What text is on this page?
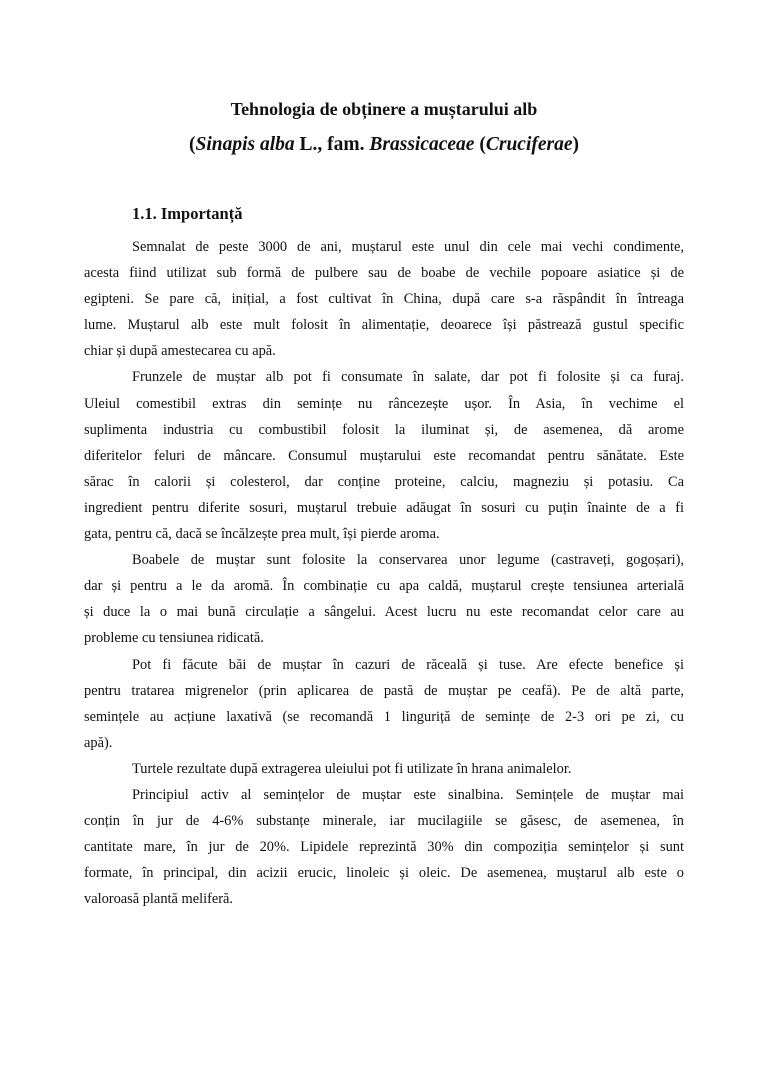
Tehnologia de obținere a muștarului alb
(Sinapis alba L., fam. Brassicaceae (Cruciferae)
1.1. Importanță
Semnalat de peste 3000 de ani, muștarul este unul din cele mai vechi condimente,
acesta fiind utilizat sub formă de pulbere sau de boabe de vechile popoare asiatice și de
egipteni. Se pare că, inițial, a fost cultivat în China, după care s-a răspândit în întreaga
lume. Muștarul alb este mult folosit în alimentație, deoarece își păstrează gustul specific
chiar și după amestecarea cu apă.
Frunzele de muștar alb pot fi consumate în salate, dar pot fi folosite și ca furaj.
Uleiul comestibil extras din semințe nu râncezește ușor. În Asia, în vechime el
suplimenta industria cu combustibil folosit la iluminat și, de asemenea, dă arome
diferitelor feluri de mâncare. Consumul muștarului este recomandat pentru sănătate. Este
sărac în calorii și colesterol, dar conține proteine, calciu, magneziu și potasiu. Ca
ingredient pentru diferite sosuri, muștarul trebuie adăugat în sosuri cu puțin înainte de a fi
gata, pentru că, dacă se încălzește prea mult, își pierde aroma.
Boabele de muștar sunt folosite la conservarea unor legume (castraveți, gogoșari),
dar și pentru a le da aromă. În combinație cu apa caldă, muștarul crește tensiunea arterială
și duce la o mai bună circulație a sângelui. Acest lucru nu este recomandat celor care au
probleme cu tensiunea ridicată.
Pot fi făcute băi de muștar în cazuri de răceală și tuse. Are efecte benefice și
pentru tratarea migrenelor (prin aplicarea de pastă de muștar pe ceafă). Pe de altă parte,
semințele au acțiune laxativă (se recomandă 1 linguriță de semințe de 2-3 ori pe zi, cu
apă).
Turtele rezultate după extragerea uleiului pot fi utilizate în hrana animalelor.
Principiul activ al semințelor de muștar este sinalbina. Semințele de muștar mai
conțin în jur de 4-6% substanțe minerale, iar mucilagiile se găsesc, de asemenea, în
cantitate mare, în jur de 20%. Lipidele reprezintă 30% din compoziția semințelor și sunt
formate, în principal, din acizii erucic, linoleic și oleic. De asemenea, muștarul alb este o
valoroasă plantă meliferă.
